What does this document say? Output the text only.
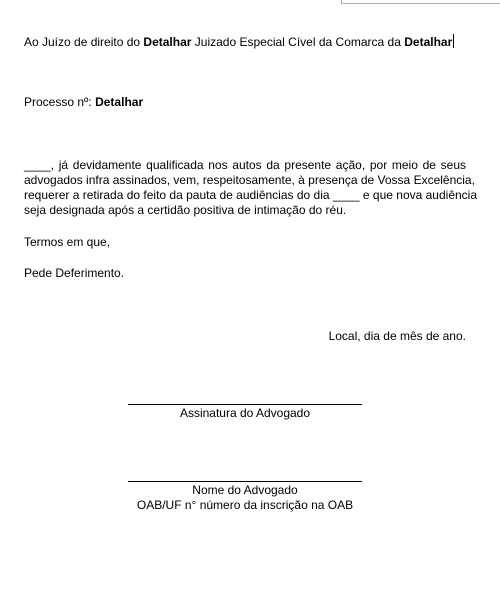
Ao Juízo de direito do Detalhar Juizado Especial Cível da Comarca da Detalhar
Processo nº: Detalhar
____, já devidamente qualificada nos autos da presente ação, por meio de seus
advogados infra assinados, vem, respeitosamente, à presença de Vossa Excelência,
requerer a retirada do feito da pauta de audiências do dia ____ e que nova audiência
seja designada após a certidão positiva de intimação do réu.
Termos em que,
Pede Deferimento.
Local, dia de mês de ano.
Assinatura do Advogado
Nome do Advogado
OAB/UF n° número da inscrição na OAB
